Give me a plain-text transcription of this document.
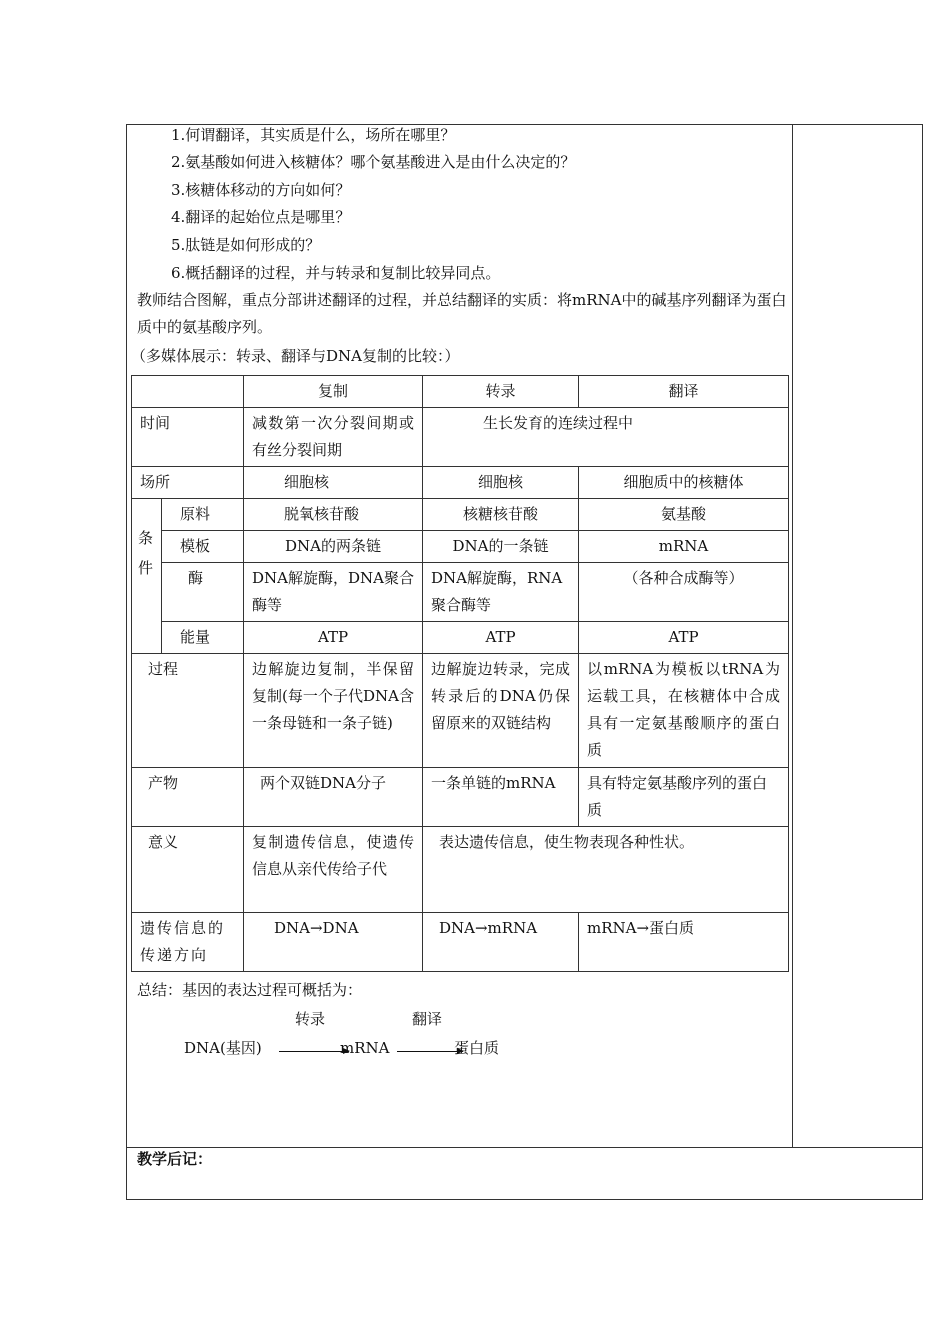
1.何谓翻译，其实质是什么，场所在哪里？
2.氨基酸如何进入核糖体？哪个氨基酸进入是由什么决定的？
3.核糖体移动的方向如何？
4.翻译的起始位点是哪里？
5.肽链是如何形成的？
6.概括翻译的过程，并与转录和复制比较异同点。
教师结合图解，重点分部讲述翻译的过程，并总结翻译的实质：将mRNA中的碱基序列翻译为蛋白质中的氨基酸序列。
（多媒体展示：转录、翻译与DNA复制的比较：）
		复制	转录	翻译
时间		减数第一次分裂间期或有丝分裂间期	生长发育的连续过程中	
场所		细胞核	细胞核	细胞质中的核糖体
条件	原料	脱氧核苷酸	核糖核苷酸	氨基酸
	模板	DNA的两条链	DNA的一条链	mRNA
	酶	DNA解旋酶，DNA聚合酶等	DNA解旋酶，RNA聚合酶等	（各种合成酶等）
	能量	ATP	ATP	ATP
过程		边解旋边复制，半保留复制(每一个子代DNA含一条母链和一条子链)	边解旋边转录，完成转录后的DNA仍保留原来的双链结构	以mRNA为模板以tRNA为运载工具，在核糖体中合成具有一定氨基酸顺序的蛋白质
产物		两个双链DNA分子	一条单链的mRNA	具有特定氨基酸序列的蛋白质
意义		复制遗传信息，使遗传信息从亲代传给子代	表达遗传信息，使生物表现各种性状。	
遗传信息的传递方向		DNA→DNA	DNA→mRNA	mRNA→蛋白质
总结：基因的表达过程可概括为：
转录	翻译
DNA(基因)	mRNA	蛋白质
教学后记：
